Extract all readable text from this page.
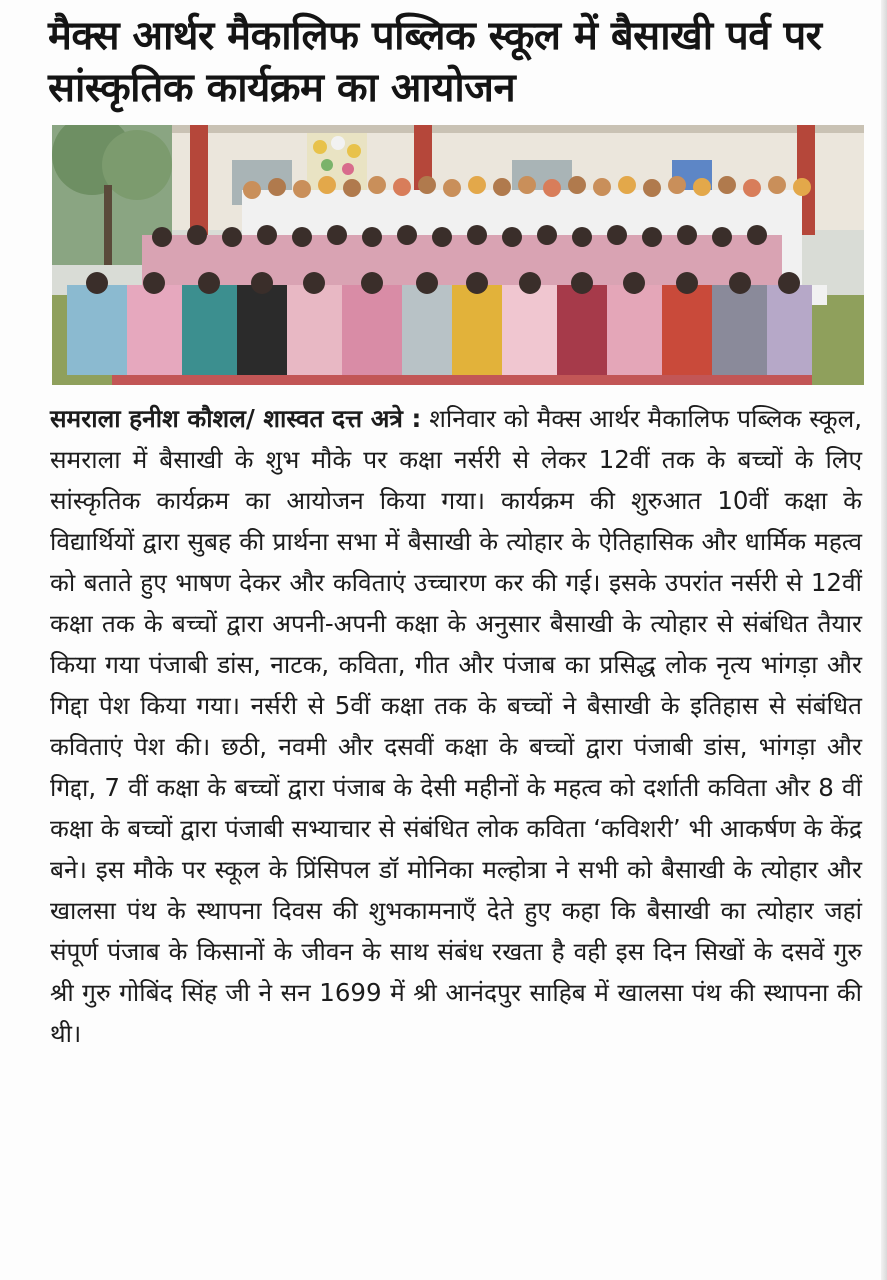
मैक्स आर्थर मैकालिफ पब्लिक स्कूल में बैसाखी पर्व पर सांस्कृतिक कार्यक्रम का आयोजन

समराला हनीश कौशल/ शास्वत दत्त अत्रे : शनिवार को मैक्स आर्थर मैकालिफ पब्लिक स्कूल, समराला में बैसाखी के शुभ मौके पर कक्षा नर्सरी से लेकर 12वीं तक के बच्चों के लिए सांस्कृतिक कार्यक्रम का आयोजन किया गया। कार्यक्रम की शुरुआत 10वीं कक्षा के विद्यार्थियों द्वारा सुबह की प्रार्थना सभा में बैसाखी के त्योहार के ऐतिहासिक और धार्मिक महत्व को बताते हुए भाषण देकर और कविताएं उच्चारण कर की गई। इसके उपरांत नर्सरी से 12वीं कक्षा तक के बच्चों द्वारा अपनी-अपनी कक्षा के अनुसार बैसाखी के त्योहार से संबंधित तैयार किया गया पंजाबी डांस, नाटक, कविता, गीत और पंजाब का प्रसिद्ध लोक नृत्य भांगड़ा और गिद्दा पेश किया गया। नर्सरी से 5वीं कक्षा तक के बच्चों ने बैसाखी के इतिहास से संबंधित कविताएं पेश की। छठी, नवमी और दसवीं कक्षा के बच्चों द्वारा पंजाबी डांस, भांगड़ा और गिद्दा, 7 वीं कक्षा के बच्चों द्वारा पंजाब के देसी महीनों के महत्व को दर्शाती कविता और 8 वीं कक्षा के बच्चों द्वारा पंजाबी सभ्याचार से संबंधित लोक कविता ‘कविशरी’ भी आकर्षण के केंद्र बने। इस मौके पर स्कूल के प्रिंसिपल डॉ मोनिका मल्होत्रा ने सभी को बैसाखी के त्योहार और खालसा पंथ के स्थापना दिवस की शुभकामनाएँ देते हुए कहा कि बैसाखी का त्योहार जहां संपूर्ण पंजाब के किसानों के जीवन के साथ संबंध रखता है वही इस दिन सिखों के दसवें गुरु श्री गुरु गोबिंद सिंह जी ने सन 1699 में श्री आनंदपुर साहिब में खालसा पंथ की स्थापना की थी।
